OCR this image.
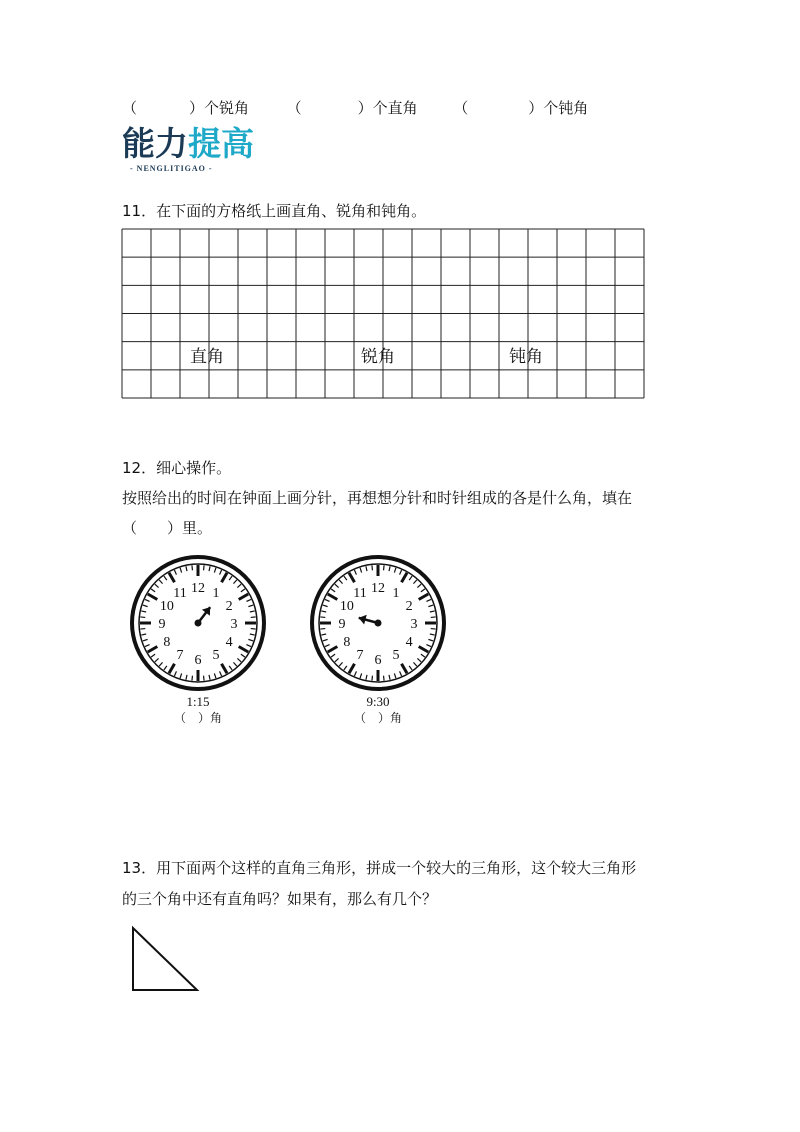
（	）个锐角	（	）个直角 （	）个钝角
能力提高
- NENGLITIGAO -
11．在下面的方格纸上画直角、锐角和钝角。
直角	锐角	钝角
12．细心操作。
按照给出的时间在钟面上画分针，再想想分针和时针组成的各是什么角，填在
（　　）里。
12 1
2
3
4
5
6
7
8
9
10
11	12 1
2
3
4
5
6
7
8
9
10
11
1:15
（　）角
9:30
（　）角
13．用下面两个这样的直角三角形，拼成一个较大的三角形，这个较大三角形
的三个角中还有直角吗？如果有，那么有几个？
